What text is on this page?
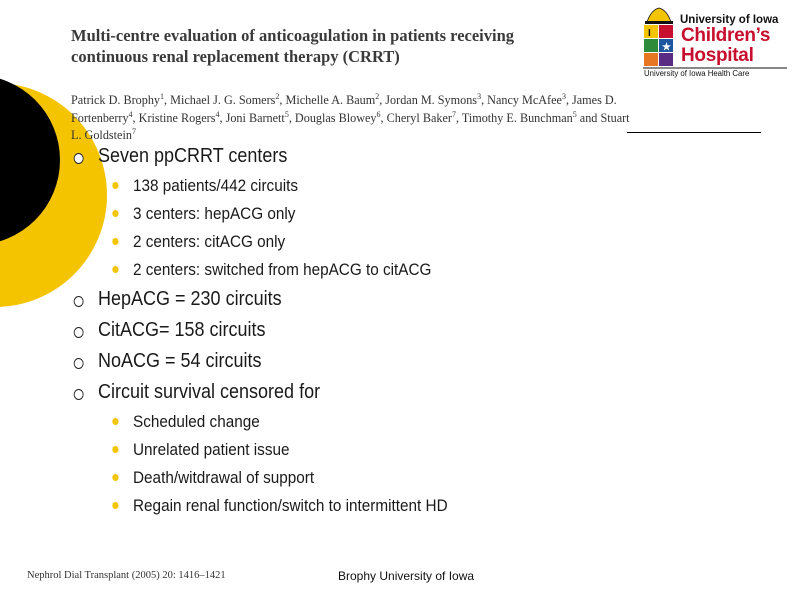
Multi-centre evaluation of anticoagulation in patients receiving continuous renal replacement therapy (CRRT)
Patrick D. Brophy$^1$, Michael J. G. Somers$^2$, Michelle A. Baum$^2$, Jordan M. Symons$^3$, Nancy McAfee$^3$, James D. Fortenberry$^4$, Kristine Rogers$^4$, Joni Barnett$^5$, Douglas Blowey$^6$, Cheryl Baker$^7$, Timothy E. Bunchman$^5$ and Stuart L. Goldstein$^7$
I
★
University of Iowa
Children’s
Hospital
University of Iowa Health Care
Seven ppCRRT centers
138 patients/442 circuits
3 centers: hepACG only
2 centers: citACG only
2 centers: switched from hepACG to citACG
HepACG = 230 circuits
CitACG= 158 circuits
NoACG = 54 circuits
Circuit survival censored for
Scheduled change
Unrelated patient issue
Death/witdrawal of support
Regain renal function/switch to intermittent HD
Nephrol Dial Transplant (2005) 20: 1416–1421	Brophy University of Iowa
